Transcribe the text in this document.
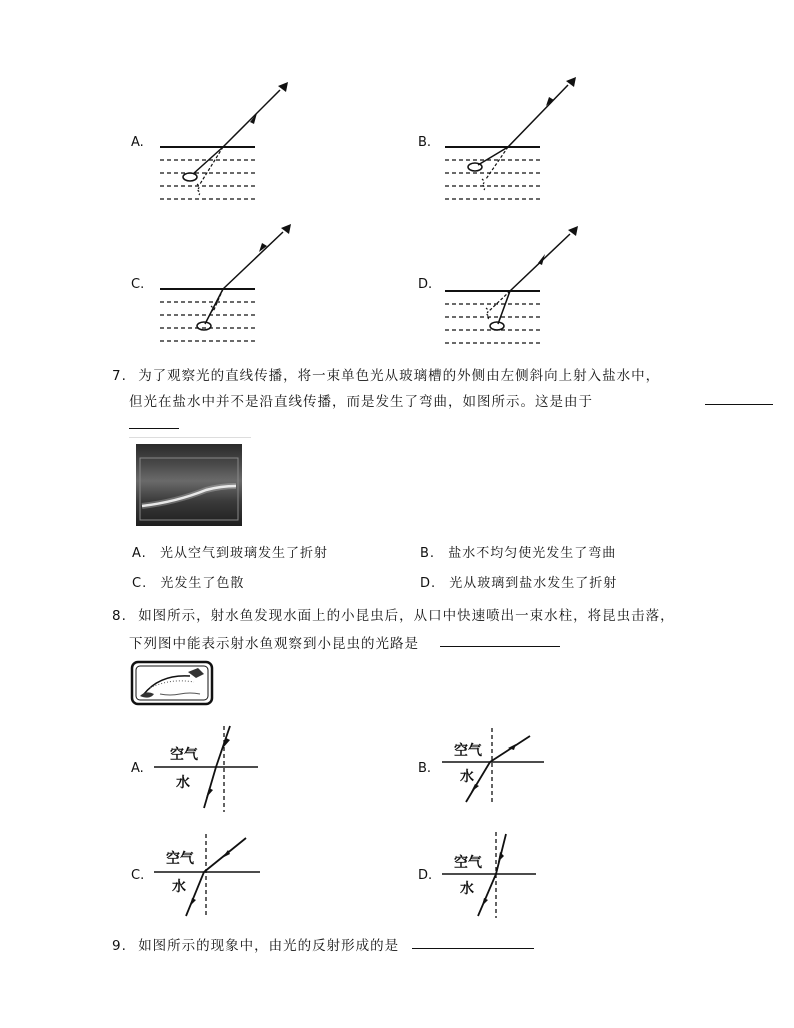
A.	B.
C.	D.
7. 为了观察光的直线传播，将一束单色光从玻璃槽的外侧由左侧斜向上射入盐水中，
但光在盐水中并不是沿直线传播，而是发生了弯曲，如图所示。这是由于
A. 光从空气到玻璃发生了折射	B. 盐水不均匀使光发生了弯曲
C. 光发生了色散	D. 光从玻璃到盐水发生了折射
8. 如图所示，射水鱼发现水面上的小昆虫后，从口中快速喷出一束水柱，将昆虫击落，
下列图中能表示射水鱼观察到小昆虫的光路是
A.	B.
C.	D.
空气
水
空气
水
空气
水
空气
水
9. 如图所示的现象中，由光的反射形成的是
